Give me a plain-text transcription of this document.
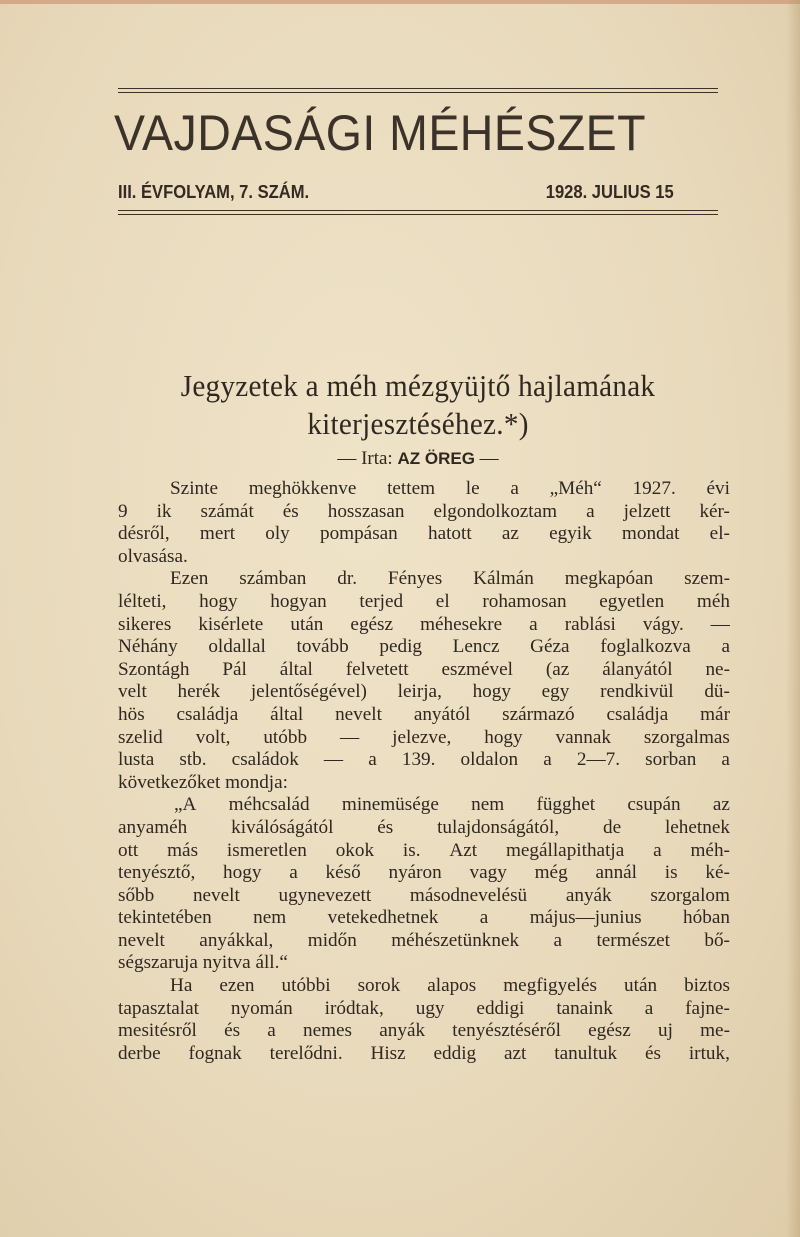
VAJDASÁGI MÉHÉSZET
III. ÉVFOLYAM, 7. SZÁM.	1928. JULIUS 15
Jegyzetek a méh mézgyüjtő hajlamának
kiterjesztéséhez.*)
— Irta: AZ ÖREG —
Szinte meghökkenve tettem le a „Méh“ 1927. évi
9 ik számát és hosszasan elgondolkoztam a jelzett kér-
désről, mert oly pompásan hatott az egyik mondat el-
olvasása.
Ezen számban dr. Fényes Kálmán megkapóan szem-
lélteti, hogy hogyan terjed el rohamosan egyetlen méh
sikeres kisérlete után egész méhesekre a rablási vágy. —
Néhány oldallal tovább pedig Lencz Géza foglalkozva a
Szontágh Pál által felvetett eszmével (az álanyától ne-
velt herék jelentőségével) leirja, hogy egy rendkivül dü-
hös családja által nevelt anyától származó családja már
szelid volt, utóbb — jelezve, hogy vannak szorgalmas
lusta stb. családok — a 139. oldalon a 2—7. sorban a
következőket mondja:
„A méhcsalád minemüsége nem függhet csupán az
anyaméh kiválóságától és tulajdonságától, de lehetnek
ott más ismeretlen okok is. Azt megállapithatja a méh-
tenyésztő, hogy a késő nyáron vagy még annál is ké-
sőbb nevelt ugynevezett másodnevelésü anyák szorgalom
tekintetében nem vetekedhetnek a május—junius hóban
nevelt anyákkal, midőn méhészetünknek a természet bő-
ségszaruja nyitva áll.“
Ha ezen utóbbi sorok alapos megfigyelés után biztos
tapasztalat nyomán iródtak, ugy eddigi tanaink a fajne-
mesitésről és a nemes anyák tenyésztéséről egész uj me-
derbe fognak terelődni. Hisz eddig azt tanultuk és irtuk,
